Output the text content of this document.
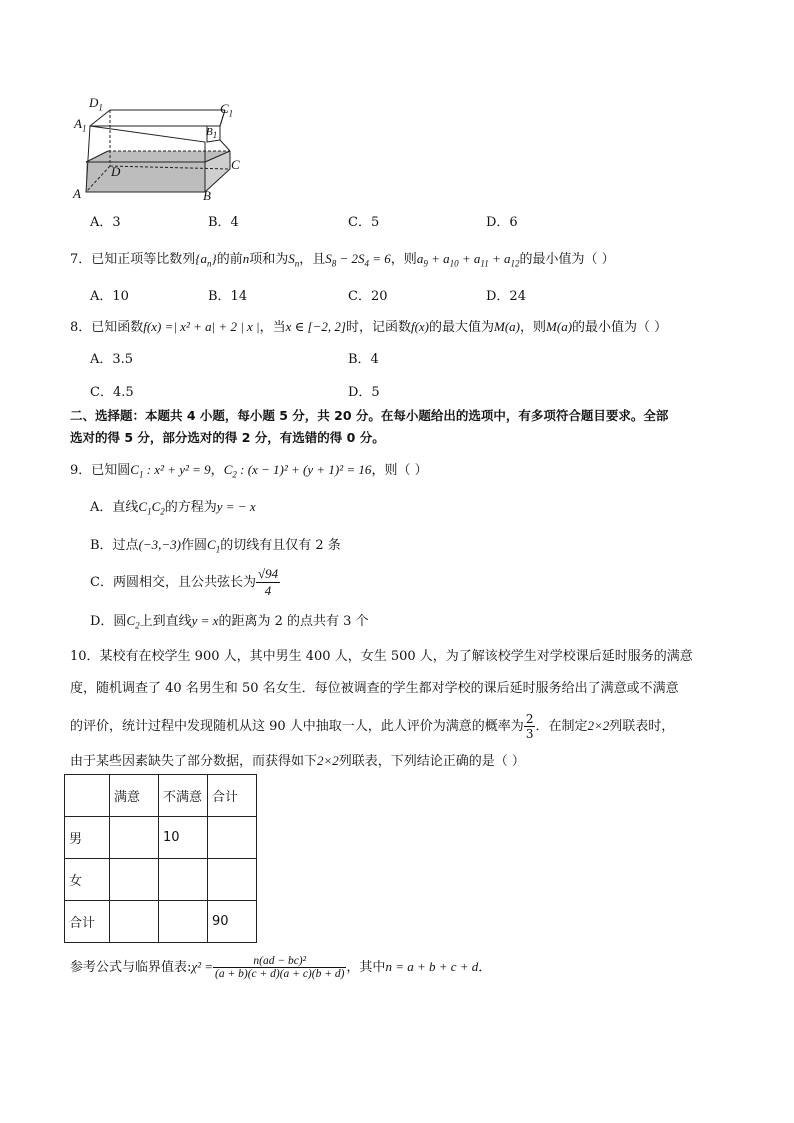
$D_1$
$A_1$
$C_1$
$B_1$
D	C
A	B
A．3	B．4	C．5	D．6
7．已知正项等比数列$\{a_n\}$的前n项和为$S_n$，且$S_8 - 2S_4 = 6$，则$a_9 + a_{10} + a_{11} + a_{12}$的最小值为（ ）
A．10	B．14	C．20	D．24
8．已知函数f(x) =| x² + a| + 2 | x |，当x ∈ [−2, 2]时，记函数f(x)的最大值为M(a)，则M(a)的最小值为（ ）
A．3.5	B．4
C．4.5	D．5
二、选择题：本题共 4 小题，每小题 5 分，共 20 分。在每小题给出的选项中，有多项符合题目要求。全部
选对的得 5 分，部分选对的得 2 分，有选错的得 0 分。
9．已知圆$C_1$ : x² + y² = 9，$C_2$ : (x − 1)² + (y + 1)² = 16，则（ ）
A．直线$C_1C_2$的方程为y = − x
B．过点(−3,−3)作圆$C_1$的切线有且仅有 2 条
C．两圆相交，且公共弦长为 $\frac{√94}{4}$
D．圆$C_2$上到直线y = x的距离为 2 的点共有 3 个
10．某校有在校学生 900 人，其中男生 400 人，女生 500 人，为了解该校学生对学校课后延时服务的满意
度，随机调查了 40 名男生和 50 名女生．每位被调查的学生都对学校的课后延时服务给出了满意或不满意
的评价，统计过程中发现随机从这 90 人中抽取一人，此人评价为满意的概率为 $\frac{2}{3}$ ．在制定2×2列联表时，
由于某些因素缺失了部分数据，而获得如下2×2列联表，下列结论正确的是（ ）
	满意	不满意	合计
男		10	
女			
合计			90
参考公式与临界值表:χ² = $\frac{\text{n(ad − bc)²}}{(a + b)(c + d)(a + c)(b + d)}$ ，其中n = a + b + c + d．
